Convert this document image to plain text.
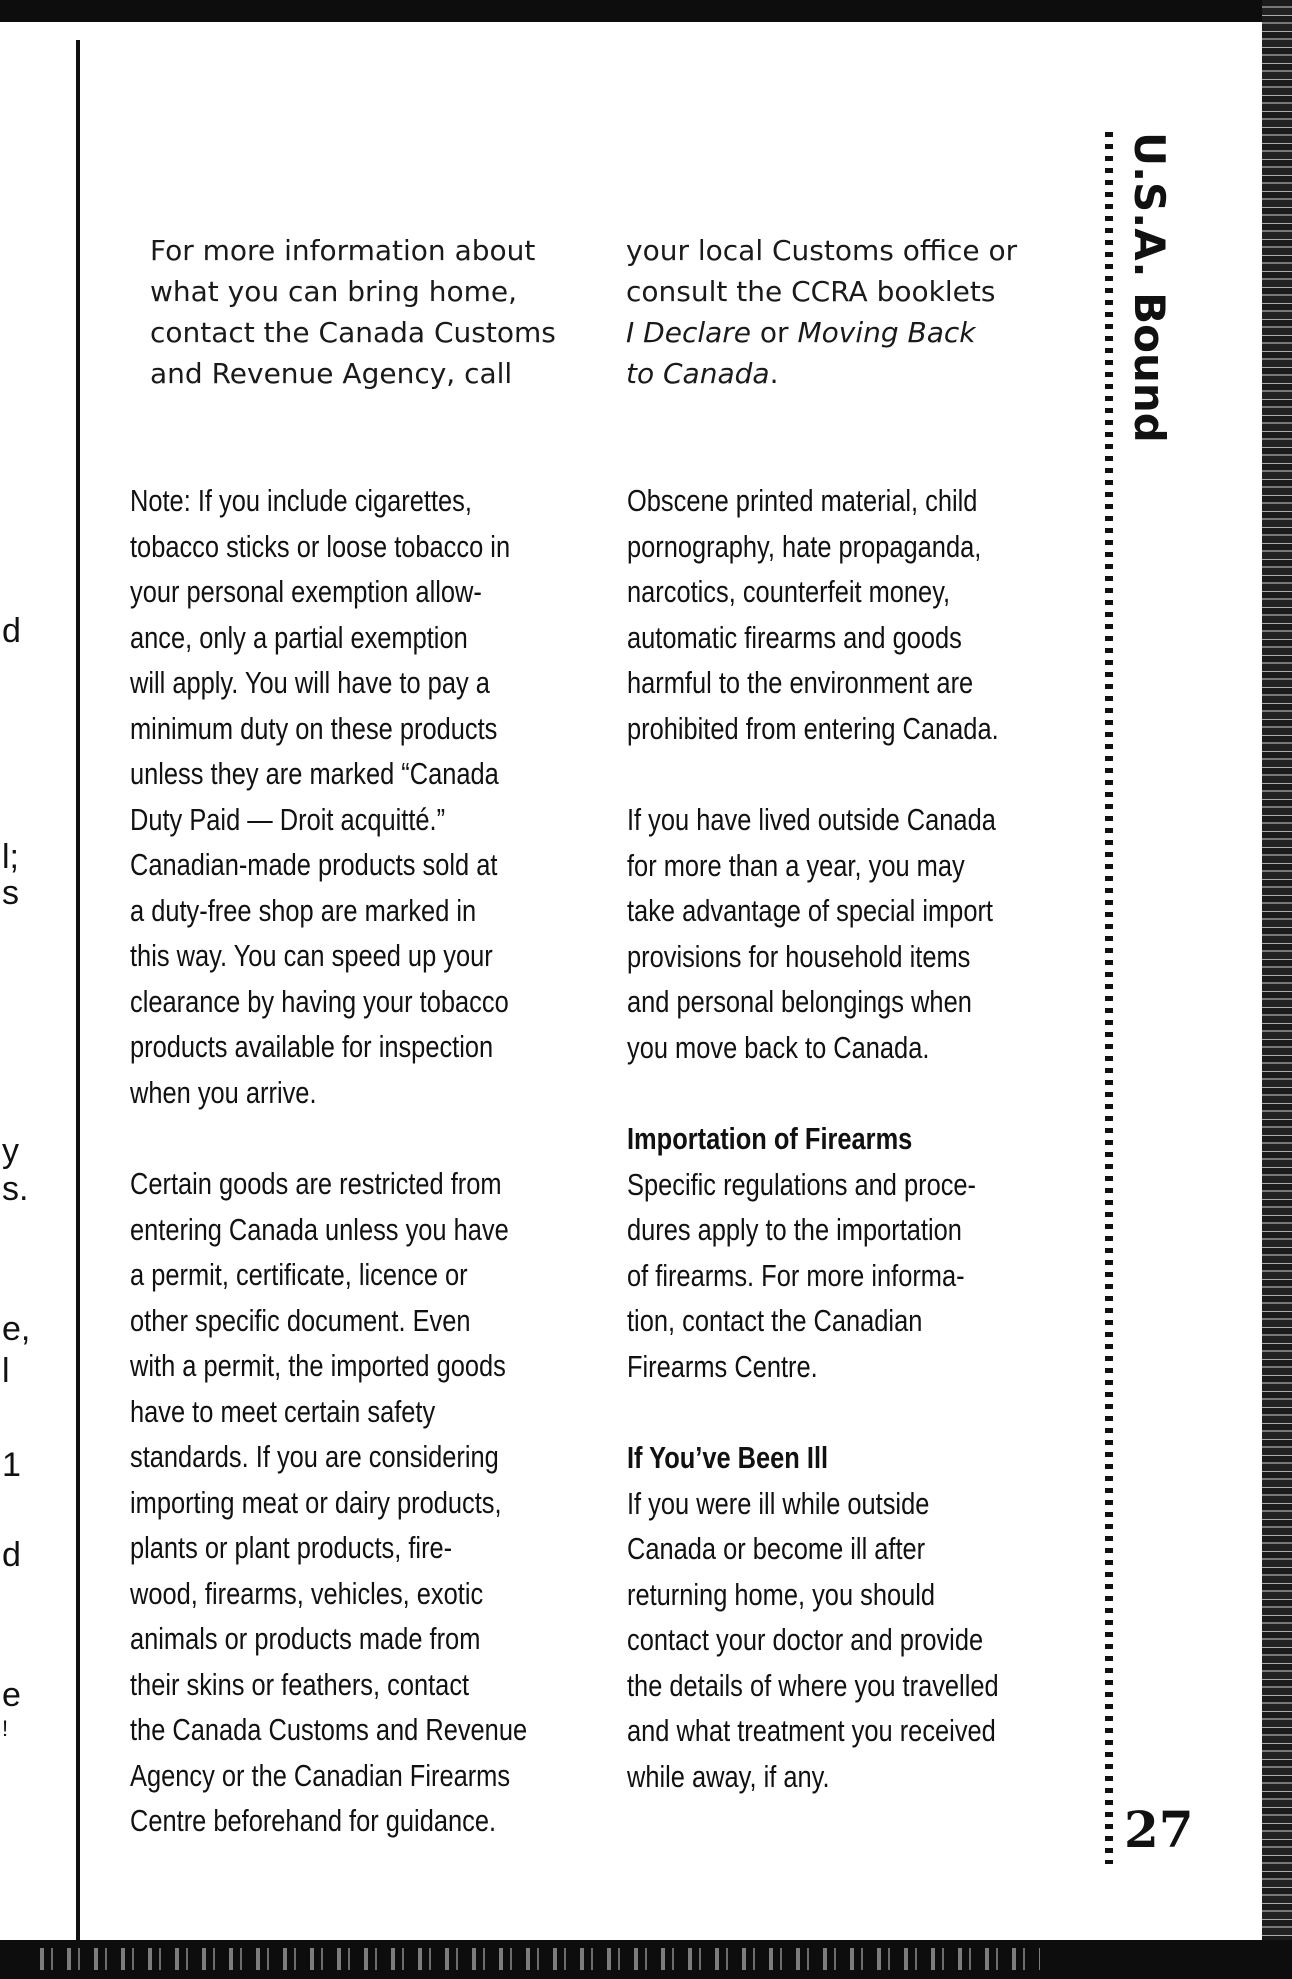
d
l;
s
y
s.
e,
l
1
d
e
!

For more information about
what you can bring home,
contact the Canada Customs
and Revenue Agency, call

your local Customs office or
consult the CCRA booklets
I Declare or Moving Back
to Canada.

Note: If you include cigarettes,
tobacco sticks or loose tobacco in
your personal exemption allow-
ance, only a partial exemption
will apply. You will have to pay a
minimum duty on these products
unless they are marked “Canada
Duty Paid — Droit acquitté.”
Canadian-made products sold at
a duty-free shop are marked in
this way. You can speed up your
clearance by having your tobacco
products available for inspection
when you arrive.

Certain goods are restricted from
entering Canada unless you have
a permit, certificate, licence or
other specific document. Even
with a permit, the imported goods
have to meet certain safety
standards. If you are considering
importing meat or dairy products,
plants or plant products, fire-
wood, firearms, vehicles, exotic
animals or products made from
their skins or feathers, contact
the Canada Customs and Revenue
Agency or the Canadian Firearms
Centre beforehand for guidance.

Obscene printed material, child
pornography, hate propaganda,
narcotics, counterfeit money,
automatic firearms and goods
harmful to the environment are
prohibited from entering Canada.

If you have lived outside Canada
for more than a year, you may
take advantage of special import
provisions for household items
and personal belongings when
you move back to Canada.

Importation of Firearms

Specific regulations and proce-
dures apply to the importation
of firearms. For more informa-
tion, contact the Canadian
Firearms Centre.

If You’ve Been Ill

If you were ill while outside
Canada or become ill after
returning home, you should
contact your doctor and provide
the details of where you travelled
and what treatment you received
while away, if any.

U.S.A. Bound
27
